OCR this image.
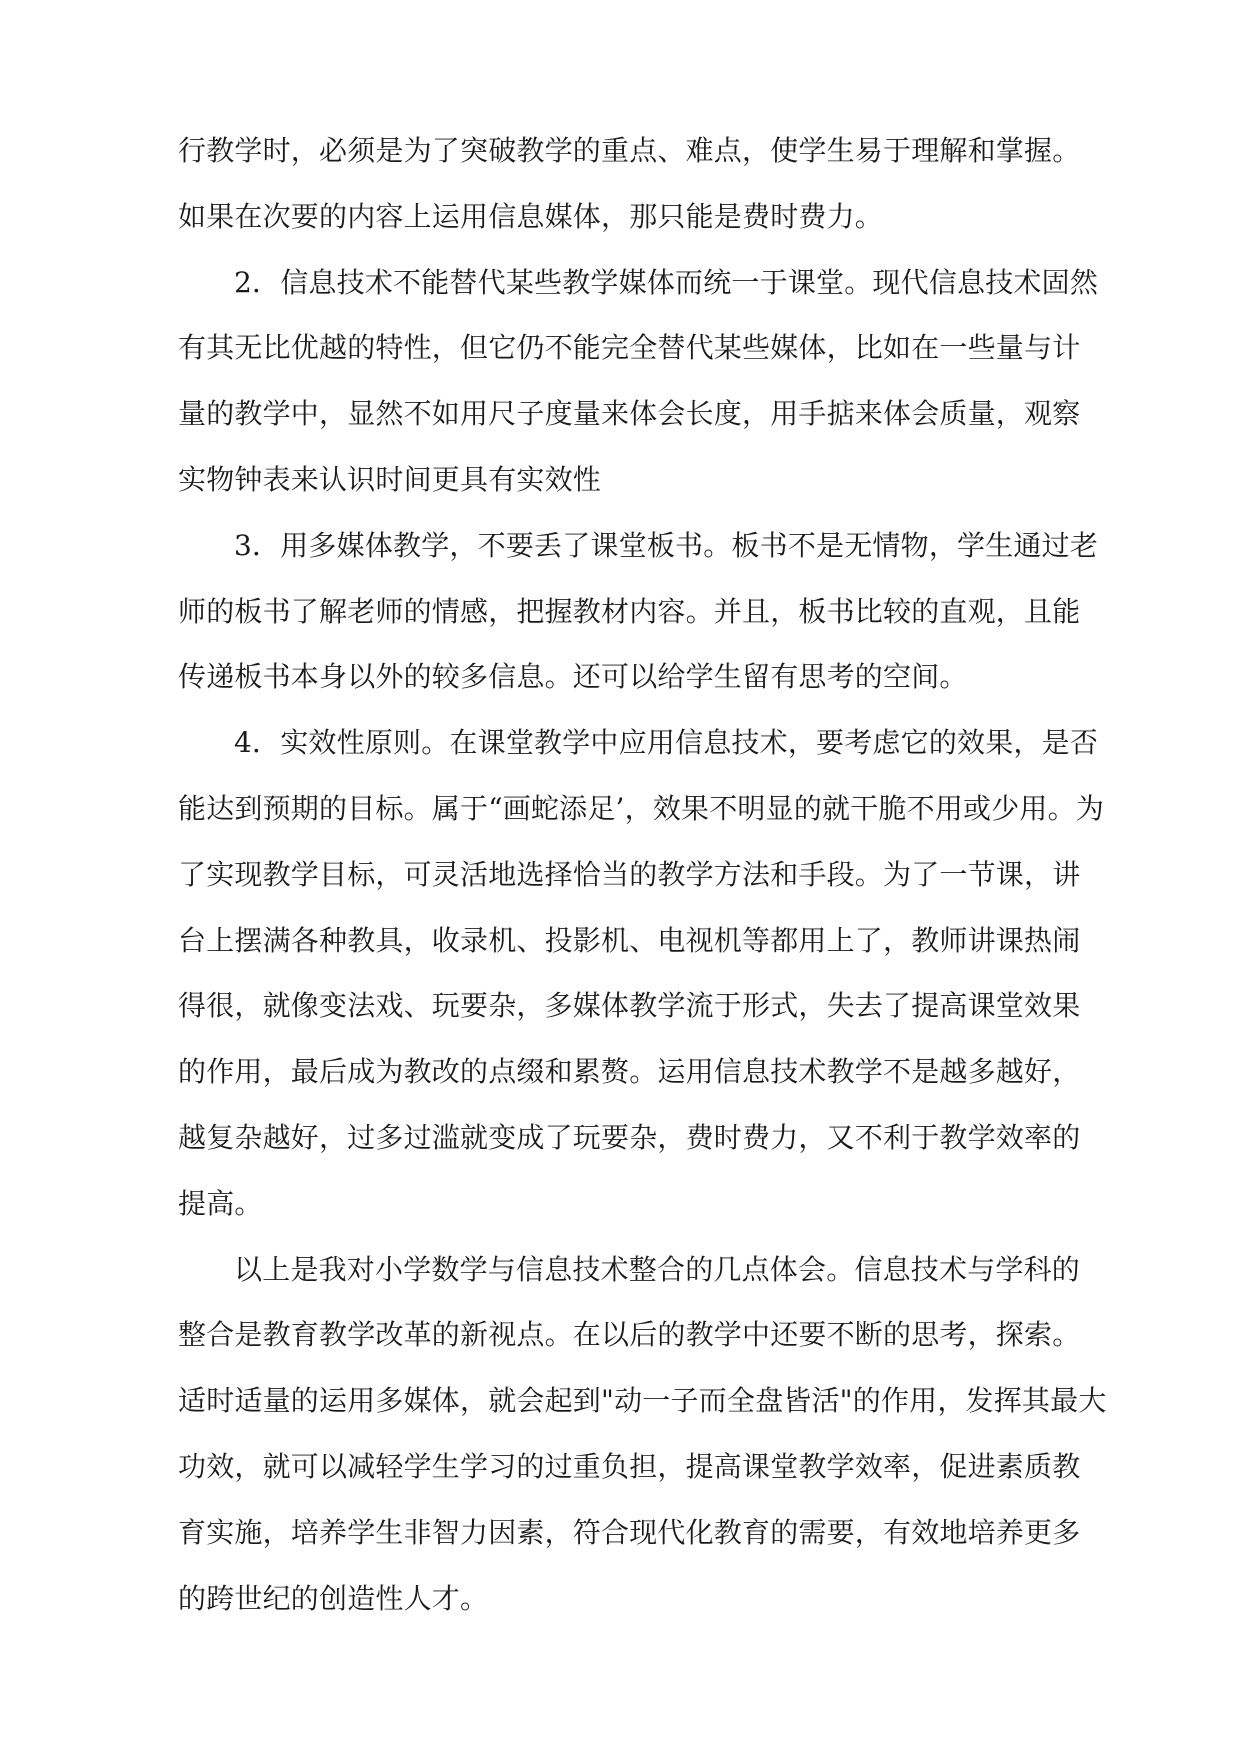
行教学时，必须是为了突破教学的重点、难点，使学生易于理解和掌握。
如果在次要的内容上运用信息媒体，那只能是费时费力。
2．信息技术不能替代某些教学媒体而统一于课堂。现代信息技术固然
有其无比优越的特性，但它仍不能完全替代某些媒体，比如在一些量与计
量的教学中，显然不如用尺子度量来体会长度，用手掂来体会质量，观察
实物钟表来认识时间更具有实效性
3．用多媒体教学，不要丢了课堂板书。板书不是无情物，学生通过老
师的板书了解老师的情感，把握教材内容。并且，板书比较的直观，且能
传递板书本身以外的较多信息。还可以给学生留有思考的空间。
4．实效性原则。在课堂教学中应用信息技术，要考虑它的效果，是否
能达到预期的目标。属于“画蛇添足’，效果不明显的就干脆不用或少用。为
了实现教学目标，可灵活地选择恰当的教学方法和手段。为了一节课，讲
台上摆满各种教具，收录机、投影机、电视机等都用上了，教师讲课热闹
得很，就像变法戏、玩要杂，多媒体教学流于形式，失去了提高课堂效果
的作用，最后成为教改的点缀和累赘。运用信息技术教学不是越多越好，
越复杂越好，过多过滥就变成了玩要杂，费时费力，又不利于教学效率的
提高。
以上是我对小学数学与信息技术整合的几点体会。信息技术与学科的
整合是教育教学改革的新视点。在以后的教学中还要不断的思考，探索。
适时适量的运用多媒体，就会起到"动一子而全盘皆活"的作用，发挥其最大
功效，就可以减轻学生学习的过重负担，提高课堂教学效率，促进素质教
育实施，培养学生非智力因素，符合现代化教育的需要，有效地培养更多
的跨世纪的创造性人才。
